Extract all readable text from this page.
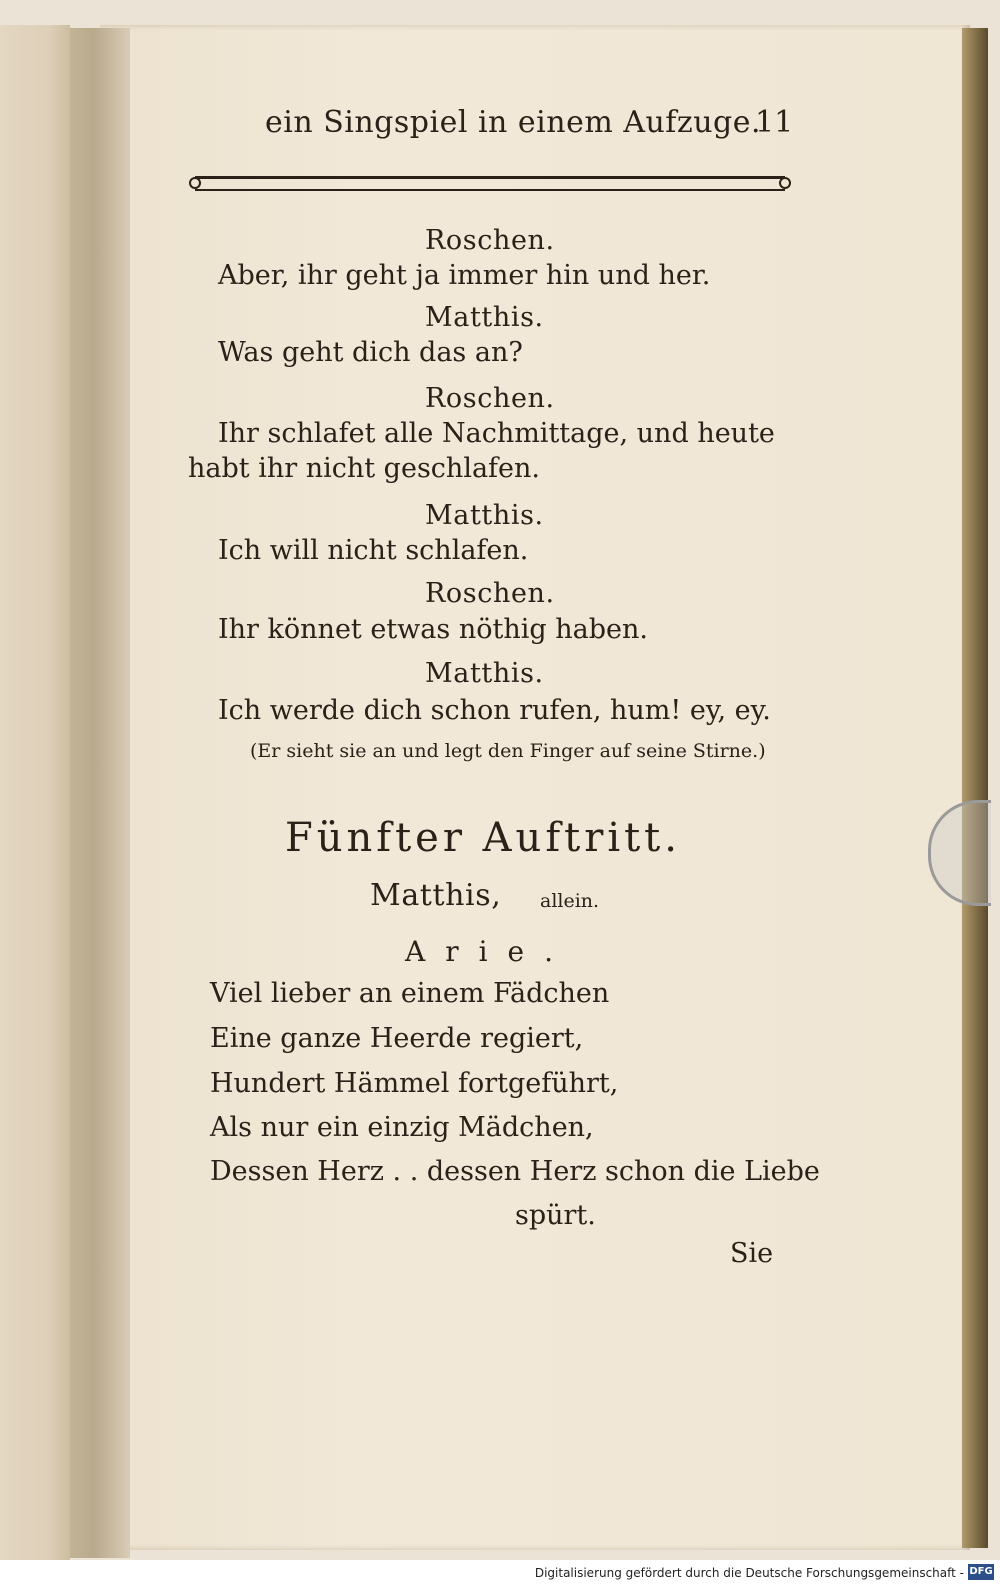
ein Singspiel in einem Aufzuge.
11
Roschen.
Aber, ihr geht ja immer hin und her.
Matthis.
Was geht dich das an?
Roschen.
Ihr schlafet alle Nachmittage, und heute
habt ihr nicht geschlafen.
Matthis.
Ich will nicht schlafen.
Roschen.
Ihr könnet etwas nöthig haben.
Matthis.
Ich werde dich schon rufen, hum! ey, ey.
(Er sieht sie an und legt den Finger auf seine Stirne.)
Fünfter Auftritt.
Matthis, allein.
Arie.
Viel lieber an einem Fädchen
Eine ganze Heerde regiert,
Hundert Hämmel fortgeführt,
Als nur ein einzig Mädchen,
Dessen Herz . . dessen Herz schon die Liebe
spürt.
Sie
Digitalisierung gefördert durch die Deutsche Forschungsgemeinschaft - DFG
